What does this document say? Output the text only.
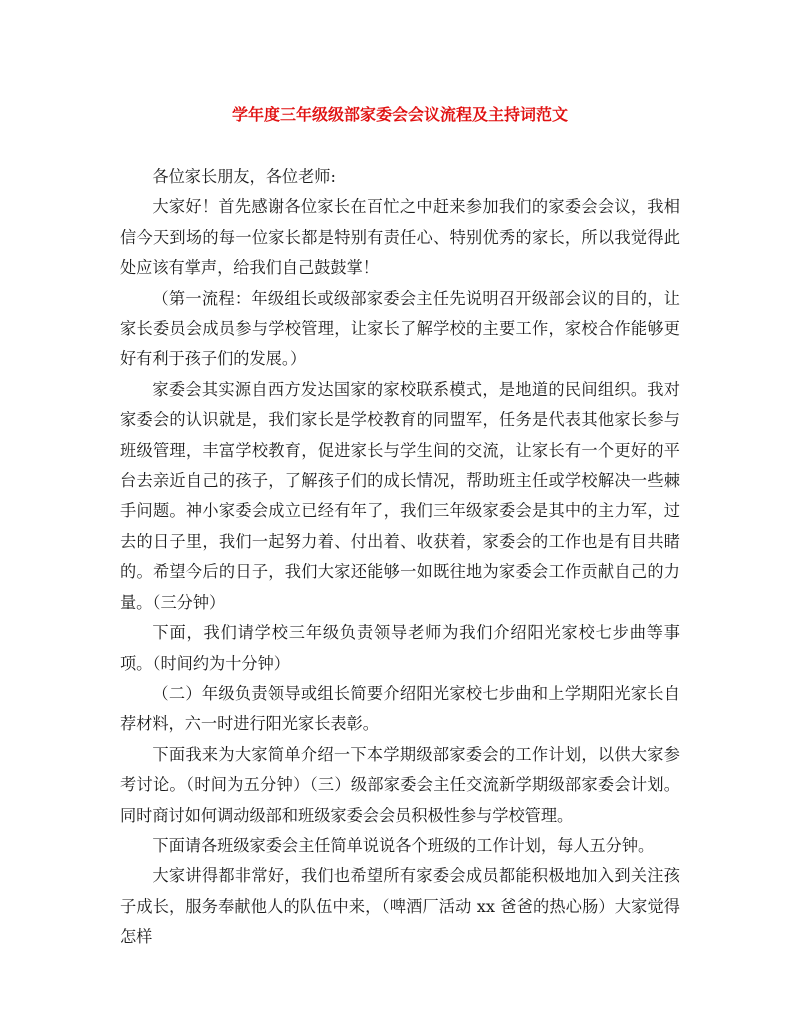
学年度三年级级部家委会会议流程及主持词范文

各位家长朋友，各位老师:

大家好！首先感谢各位家长在百忙之中赶来参加我们的家委会会议，我相信今天到场的每一位家长都是特别有责任心、特别优秀的家长，所以我觉得此处应该有掌声，给我们自己鼓鼓掌！

（第一流程：年级组长或级部家委会主任先说明召开级部会议的目的，让家长委员会成员参与学校管理，让家长了解学校的主要工作，家校合作能够更好有利于孩子们的发展。）

家委会其实源自西方发达国家的家校联系模式，是地道的民间组织。我对家委会的认识就是，我们家长是学校教育的同盟军，任务是代表其他家长参与班级管理，丰富学校教育，促进家长与学生间的交流，让家长有一个更好的平台去亲近自己的孩子，了解孩子们的成长情况，帮助班主任或学校解决一些棘手问题。神小家委会成立已经有年了，我们三年级家委会是其中的主力军，过去的日子里，我们一起努力着、付出着、收获着，家委会的工作也是有目共睹的。希望今后的日子，我们大家还能够一如既往地为家委会工作贡献自己的力量。（三分钟）

下面，我们请学校三年级负责领导老师为我们介绍阳光家校七步曲等事项。（时间约为十分钟）

（二）年级负责领导或组长简要介绍阳光家校七步曲和上学期阳光家长自荐材料，六一时进行阳光家长表彰。

下面我来为大家简单介绍一下本学期级部家委会的工作计划，以供大家参考讨论。（时间为五分钟）（三）级部家委会主任交流新学期级部家委会计划。同时商讨如何调动级部和班级家委会会员积极性参与学校管理。

下面请各班级家委会主任简单说说各个班级的工作计划，每人五分钟。

大家讲得都非常好，我们也希望所有家委会成员都能积极地加入到关注孩子成长，服务奉献他人的队伍中来，（啤酒厂活动 xx 爸爸的热心肠）大家觉得怎样
